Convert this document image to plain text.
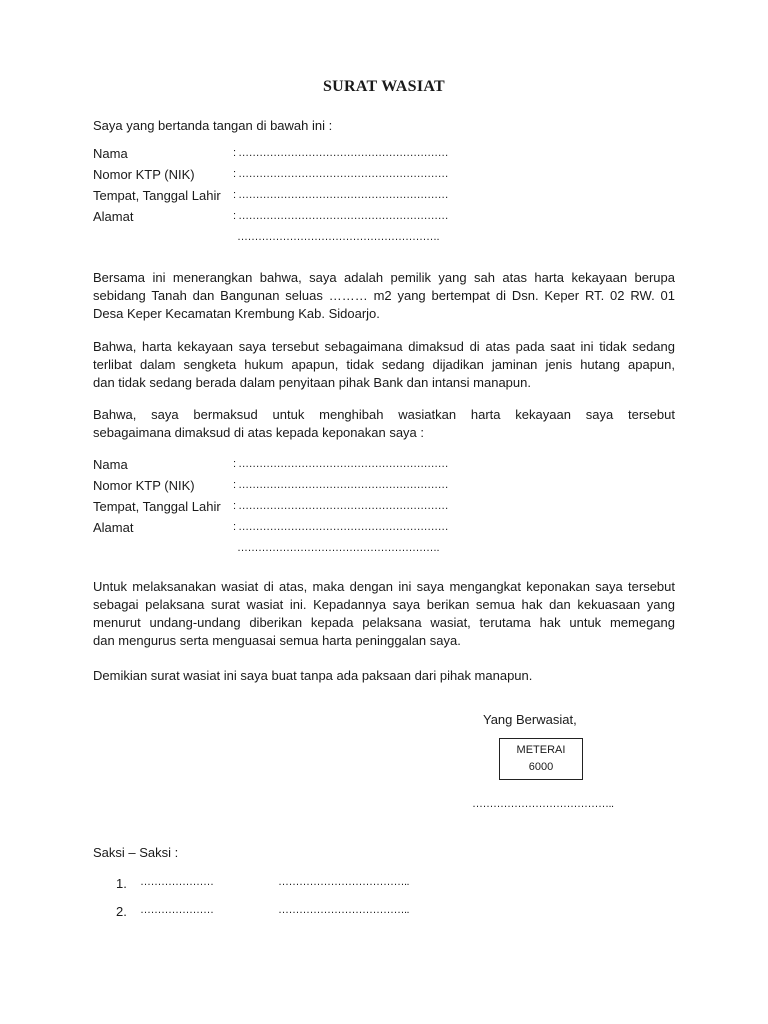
SURAT WASIAT
Saya yang bertanda tangan di bawah ini :
Nama	: ……………………………………………………
Nomor KTP (NIK)	: ……………………………………………………
Tempat, Tanggal Lahir	: ……………………………………………………
Alamat	: ……………………………………………………
………………………………………………….
Bersama ini menerangkan bahwa, saya adalah pemilik yang sah atas harta kekayaan berupa
sebidang Tanah dan Bangunan seluas ……… m2 yang bertempat di Dsn. Keper RT. 02 RW. 01
Desa Keper Kecamatan Krembung Kab. Sidoarjo.
Bahwa, harta kekayaan saya tersebut sebagaimana dimaksud di atas pada saat ini tidak sedang
terlibat dalam sengketa hukum apapun, tidak sedang dijadikan jaminan jenis hutang apapun,
dan tidak sedang berada dalam penyitaan pihak Bank dan intansi manapun.
Bahwa, saya bermaksud untuk menghibah wasiatkan harta kekayaan saya tersebut
sebagaimana dimaksud di atas kepada keponakan saya :
Nama	: ……………………………………………………
Nomor KTP (NIK)	: ……………………………………………………
Tempat, Tanggal Lahir	: ……………………………………………………
Alamat	: ……………………………………………………
………………………………………………….
Untuk melaksanakan wasiat di atas, maka dengan ini saya mengangkat keponakan saya tersebut
sebagai pelaksana surat wasiat ini. Kepadannya saya berikan semua hak dan kekuasaan yang
menurut undang-undang diberikan kepada pelaksana wasiat, terutama hak untuk memegang
dan mengurus serta menguasai semua harta peninggalan saya.
Demikian surat wasiat ini saya buat tanpa ada paksaan dari pihak manapun.
Yang Berwasiat,
METERAI
6000
…………………………………..
Saksi – Saksi :
1.	…………………	………………………………..
2.	…………………	………………………………..
